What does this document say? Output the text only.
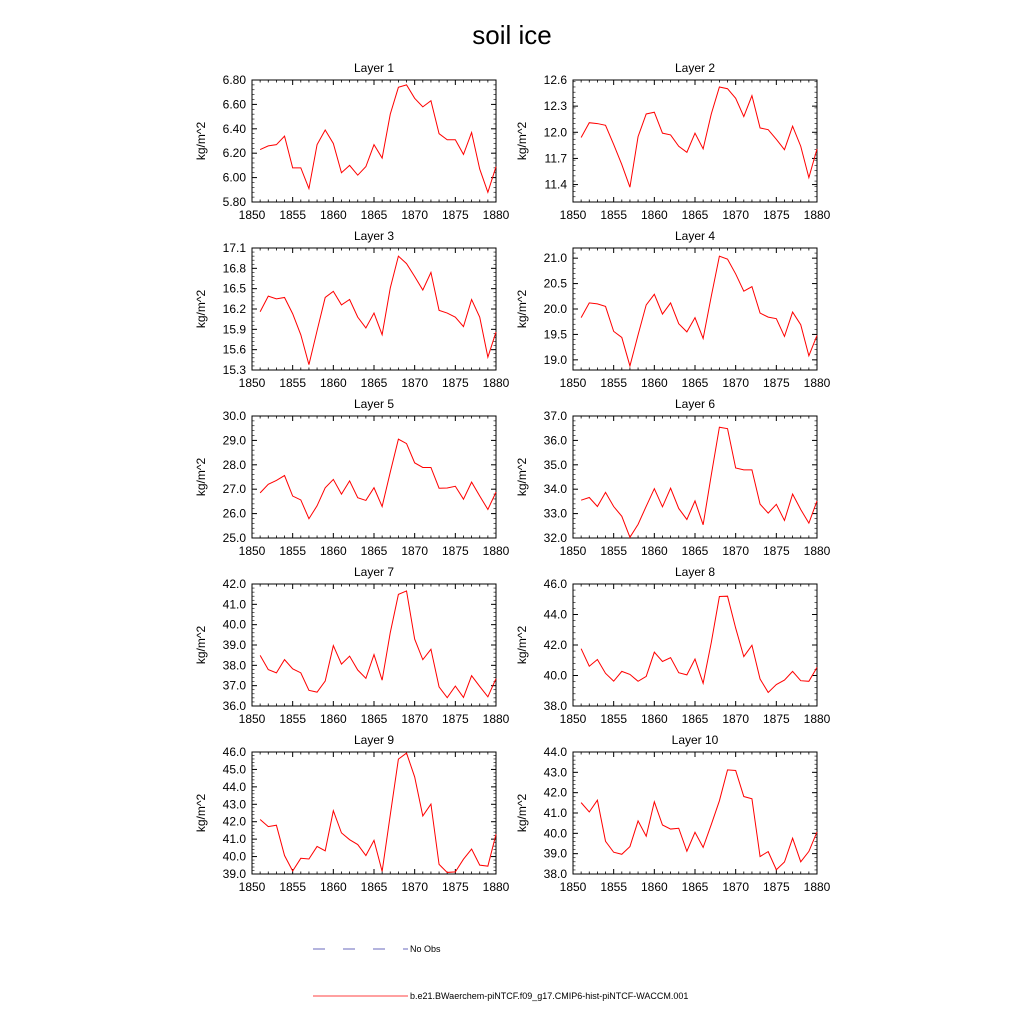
soil ice
Layer 1
1850 1855 1860 1865 1870 1875 1880
5.80
6.00
6.20
6.40
6.60
6.80
kg/m^2
Layer 2
1850 1855 1860 1865 1870 1875 1880
11.4
11.7
12.0
12.3
12.6
kg/m^2
Layer 3
1850 1855 1860 1865 1870 1875 1880
15.3
15.6
15.9
16.2
16.5
16.8
17.1
kg/m^2
Layer 4
1850 1855 1860 1865 1870 1875 1880
19.0
19.5
20.0
20.5
21.0
kg/m^2
Layer 5
1850 1855 1860 1865 1870 1875 1880
25.0
26.0
27.0
28.0
29.0
30.0
kg/m^2
Layer 6
1850 1855 1860 1865 1870 1875 1880
32.0
33.0
34.0
35.0
36.0
37.0
kg/m^2
Layer 7
1850 1855 1860 1865 1870 1875 1880
36.0
37.0
38.0
39.0
40.0
41.0
42.0
kg/m^2
Layer 8
1850 1855 1860 1865 1870 1875 1880
38.0
40.0
42.0
44.0
46.0
kg/m^2
Layer 9
1850 1855 1860 1865 1870 1875 1880
39.0
40.0
41.0
42.0
43.0
44.0
45.0
46.0
kg/m^2
Layer 10
1850 1855 1860 1865 1870 1875 1880
38.0
39.0
40.0
41.0
42.0
43.0
44.0
kg/m^2
No Obs
b.e21.BWaerchem-piNTCF.f09_g17.CMIP6-hist-piNTCF-WACCM.001
